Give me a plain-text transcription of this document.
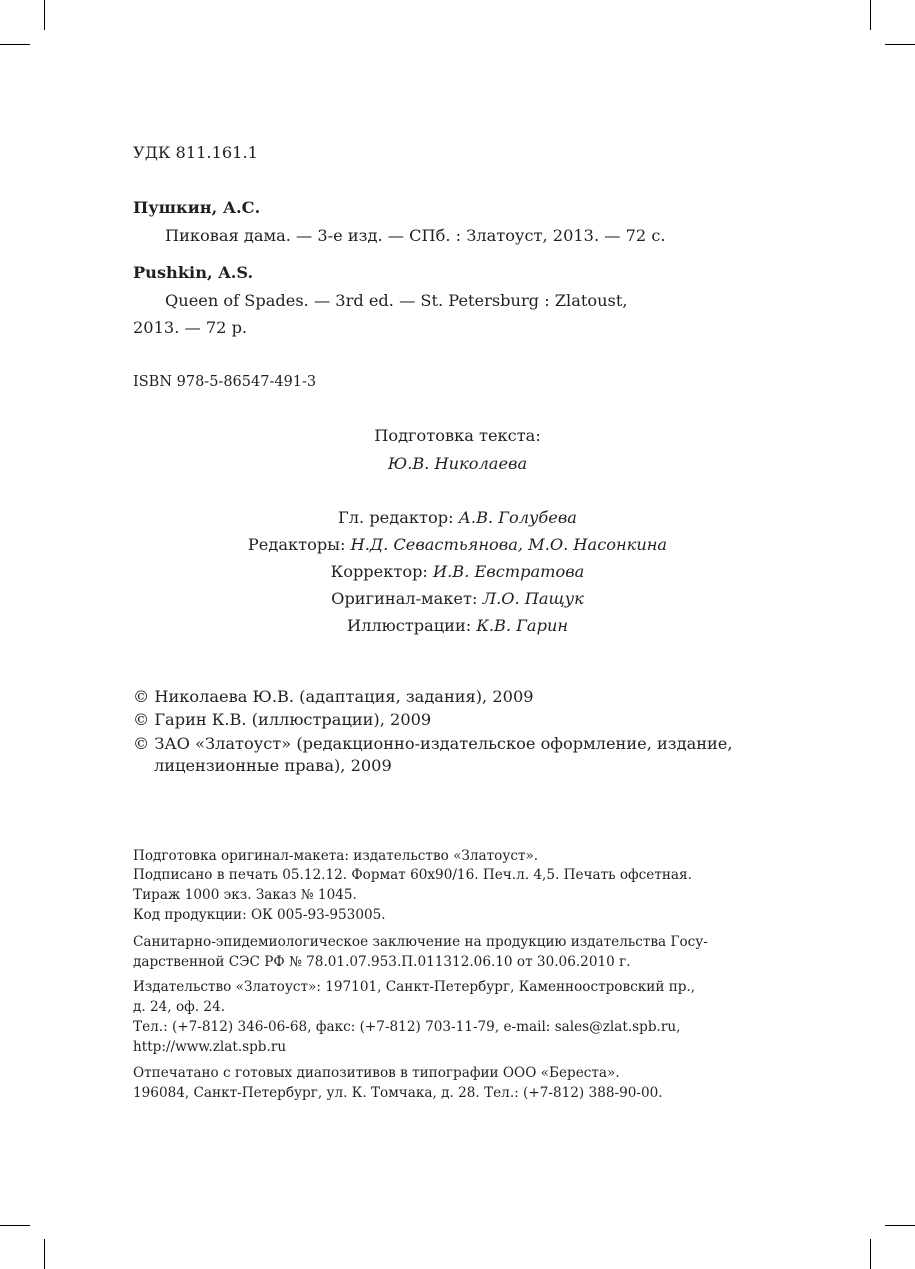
УДК 811.161.1
Пушкин, А.С.
Пиковая дама. — 3-е изд. — СПб. : Златоуст, 2013. — 72 с.
Pushkin, A.S.
Queen of Spades. — 3rd ed. — St. Petersburg : Zlatoust,
2013. — 72 p.
ISBN 978-5-86547-491-3
Подготовка текста:
Ю.В. Николаева
Гл. редактор: А.В. Голубева
Редакторы: Н.Д. Севастьянова, М.О. Насонкина
Корректор: И.В. Евстратова
Оригинал-макет: Л.О. Пащук
Иллюстрации: К.В. Гарин
© Николаева Ю.В. (адаптация, задания), 2009
© Гарин К.В. (иллюстрации), 2009
© ЗАО «Златоуст» (редакционно-издательское оформление, издание,
лицензионные права), 2009
Подготовка оригинал-макета: издательство «Златоуст».
Подписано в печать 05.12.12. Формат 60x90/16. Печ.л. 4,5. Печать офсетная.
Тираж 1000 экз. Заказ № 1045.
Код продукции: ОК 005-93-953005.
Санитарно-эпидемиологическое заключение на продукцию издательства Госу-
дарственной СЭС РФ № 78.01.07.953.П.011312.06.10 от 30.06.2010 г.
Издательство «Златоуст»: 197101, Санкт-Петербург, Каменноостровский пр.,
д. 24, оф. 24.
Тел.: (+7-812) 346-06-68, факс: (+7-812) 703-11-79, e-mail: sales@zlat.spb.ru,
http://www.zlat.spb.ru
Отпечатано с готовых диапозитивов в типографии ООО «Береста».
196084, Санкт-Петербург, ул. К. Томчака, д. 28. Тел.: (+7-812) 388-90-00.
